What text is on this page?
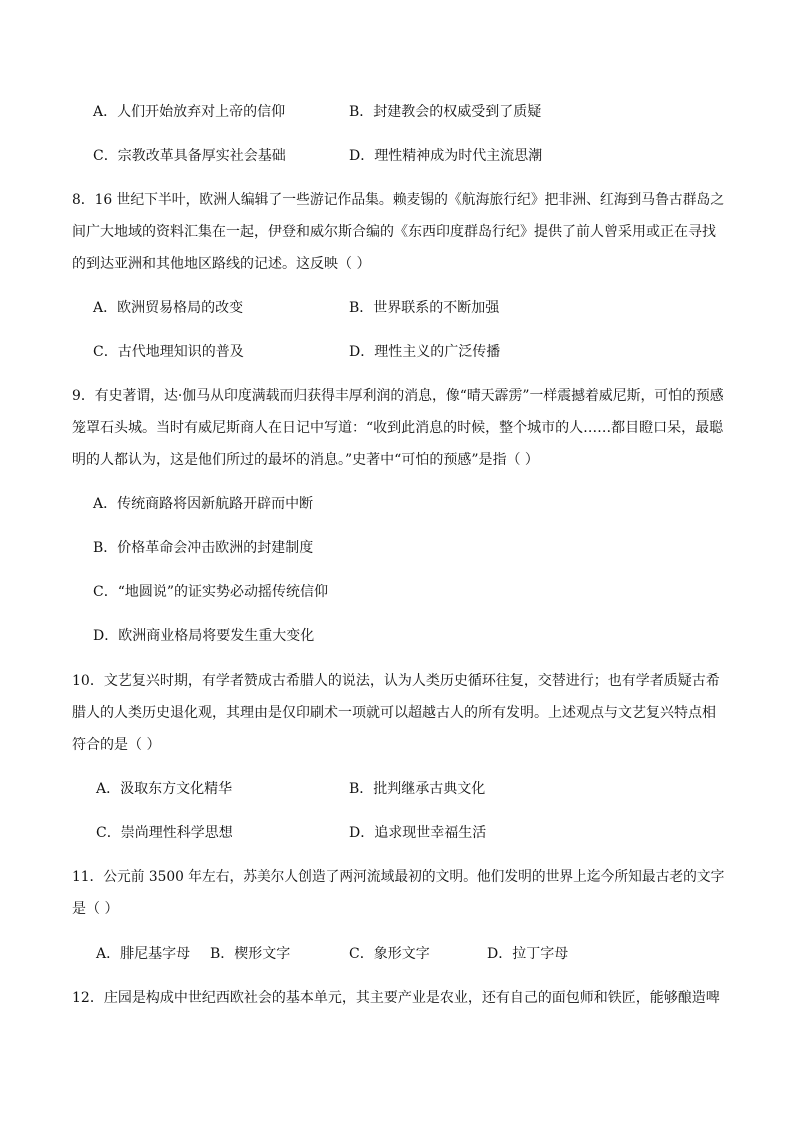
A．人们开始放弃对上帝的信仰	B．封建教会的权威受到了质疑
C．宗教改革具备厚实社会基础	D．理性精神成为时代主流思潮
8．16 世纪下半叶，欧洲人编辑了一些游记作品集。赖麦锡的《航海旅行纪》把非洲、红海到马鲁古群岛之
间广大地域的资料汇集在一起，伊登和威尔斯合编的《东西印度群岛行纪》提供了前人曾采用或正在寻找
的到达亚洲和其他地区路线的记述。这反映（ ）
A．欧洲贸易格局的改变	B．世界联系的不断加强
C．古代地理知识的普及	D．理性主义的广泛传播
9．有史著谓，达·伽马从印度满载而归获得丰厚利润的消息，像“晴天霹雳”一样震撼着威尼斯，可怕的预感
笼罩石头城。当时有威尼斯商人在日记中写道：“收到此消息的时候，整个城市的人……都目瞪口呆，最聪
明的人都认为，这是他们所过的最坏的消息。”史著中“可怕的预感”是指（ ）
A．传统商路将因新航路开辟而中断
B．价格革命会冲击欧洲的封建制度
C．“地圆说”的证实势必动摇传统信仰
D．欧洲商业格局将要发生重大变化
10．文艺复兴时期，有学者赞成古希腊人的说法，认为人类历史循环往复，交替进行；也有学者质疑古希
腊人的人类历史退化观，其理由是仅印刷术一项就可以超越古人的所有发明。上述观点与文艺复兴特点相
符合的是（ ）
A．汲取东方文化精华	B．批判继承古典文化
C．崇尚理性科学思想	D．追求现世幸福生活
11．公元前 3500 年左右，苏美尔人创造了两河流域最初的文明。他们发明的世界上迄今所知最古老的文字
是（ ）
A．腓尼基字母 B．楔形文字	C．象形文字	D．拉丁字母
12．庄园是构成中世纪西欧社会的基本单元，其主要产业是农业，还有自己的面包师和铁匠，能够酿造啤
